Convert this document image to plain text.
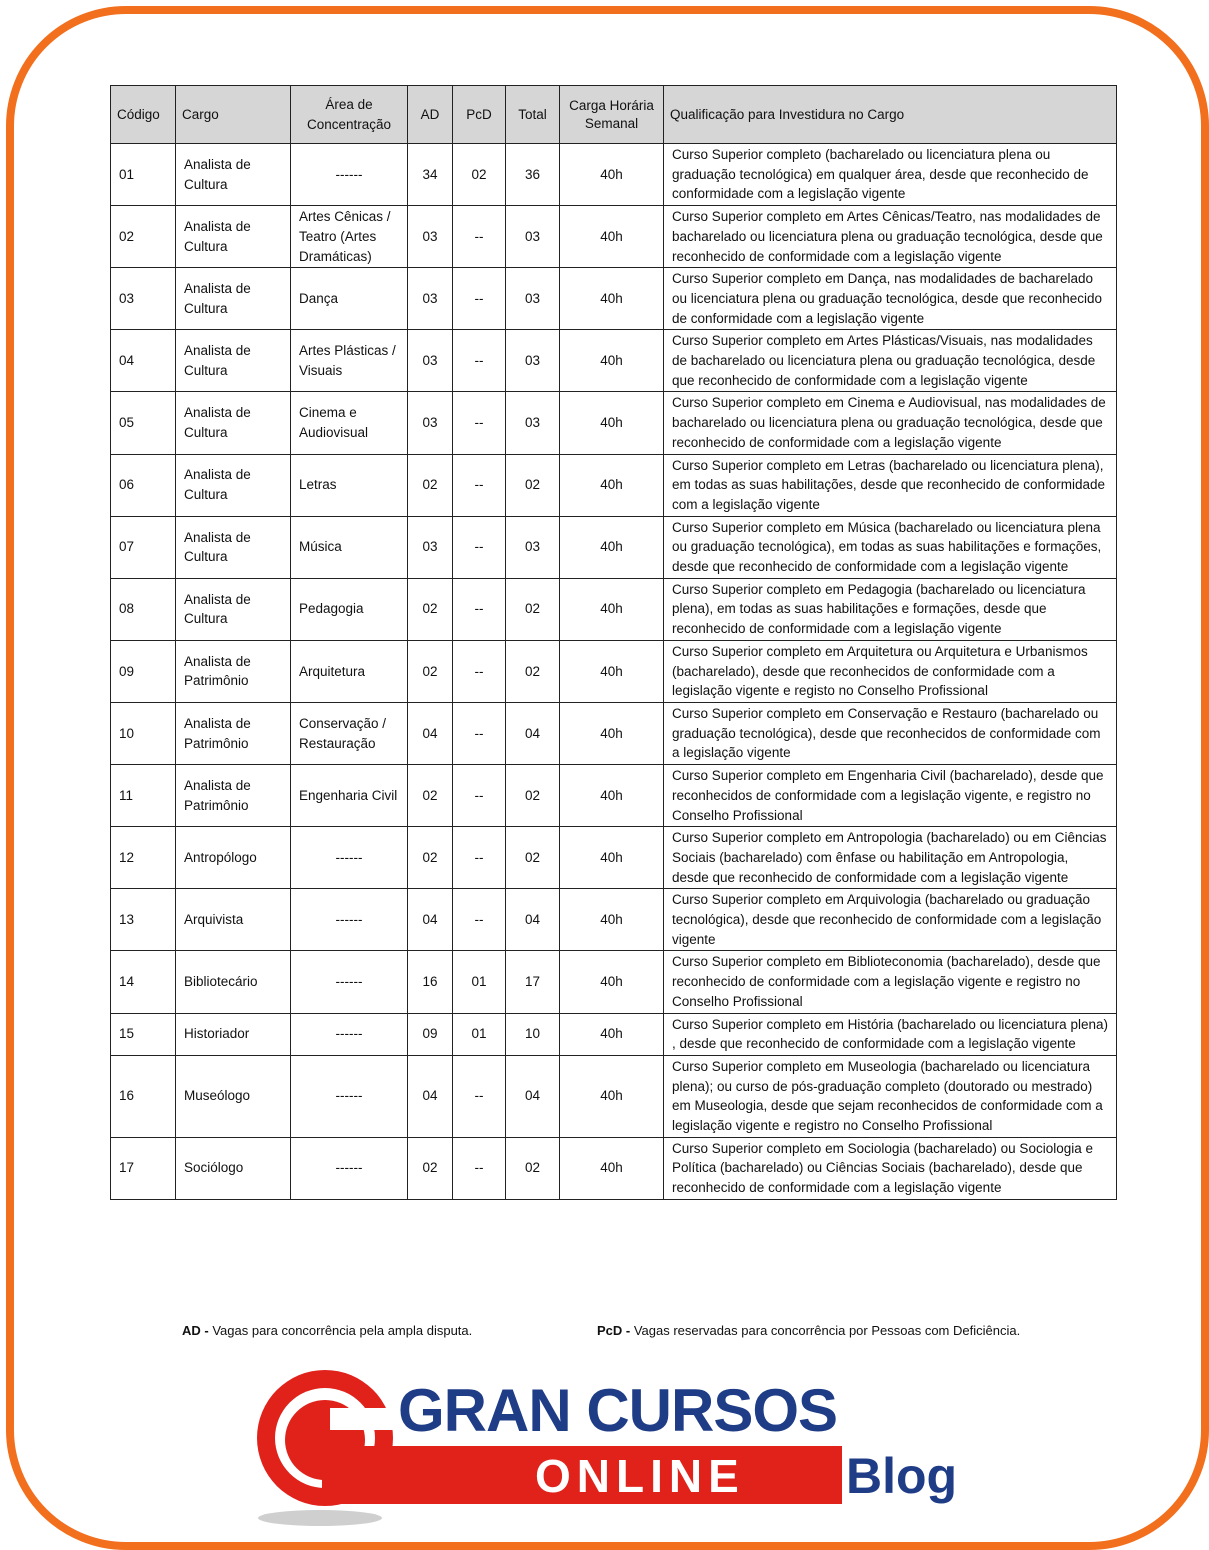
Código	Cargo	Área de Concentração	AD	PcD	Total	Carga Horária Semanal	Qualificação para Investidura no Cargo
01	Analista de Cultura	------	34	02	36	40h	Curso Superior completo (bacharelado ou licenciatura plena ou graduação tecnológica) em qualquer área, desde que reconhecido de conformidade com a legislação vigente
02	Analista de Cultura	Artes Cênicas / Teatro (Artes Dramáticas)	03	--	03	40h	Curso Superior completo em Artes Cênicas/Teatro, nas modalidades de bacharelado ou licenciatura plena ou graduação tecnológica, desde que reconhecido de conformidade com a legislação vigente
03	Analista de Cultura	Dança	03	--	03	40h	Curso Superior completo em Dança, nas modalidades de bacharelado ou licenciatura plena ou graduação tecnológica, desde que reconhecido de conformidade com a legislação vigente
04	Analista de Cultura	Artes Plásticas / Visuais	03	--	03	40h	Curso Superior completo em Artes Plásticas/Visuais, nas modalidades de bacharelado ou licenciatura plena ou graduação tecnológica, desde que reconhecido de conformidade com a legislação vigente
05	Analista de Cultura	Cinema e Audiovisual	03	--	03	40h	Curso Superior completo em Cinema e Audiovisual, nas modalidades de bacharelado ou licenciatura plena ou graduação tecnológica, desde que reconhecido de conformidade com a legislação vigente
06	Analista de Cultura	Letras	02	--	02	40h	Curso Superior completo em Letras (bacharelado ou licenciatura plena), em todas as suas habilitações, desde que reconhecido de conformidade com a legislação vigente
07	Analista de Cultura	Música	03	--	03	40h	Curso Superior completo em Música (bacharelado ou licenciatura plena ou graduação tecnológica), em todas as suas habilitações e formações, desde que reconhecido de conformidade com a legislação vigente
08	Analista de Cultura	Pedagogia	02	--	02	40h	Curso Superior completo em Pedagogia (bacharelado ou licenciatura plena), em todas as suas habilitações e formações, desde que reconhecido de conformidade com a legislação vigente
09	Analista de Patrimônio	Arquitetura	02	--	02	40h	Curso Superior completo em Arquitetura ou Arquitetura e Urbanismos (bacharelado), desde que reconhecidos de conformidade com a legislação vigente e registo no Conselho Profissional
10	Analista de Patrimônio	Conservação / Restauração	04	--	04	40h	Curso Superior completo em Conservação e Restauro (bacharelado ou graduação tecnológica), desde que reconhecidos de conformidade com a legislação vigente
11	Analista de Patrimônio	Engenharia Civil	02	--	02	40h	Curso Superior completo em Engenharia Civil (bacharelado), desde que reconhecidos de conformidade com a legislação vigente, e registro no Conselho Profissional
12	Antropólogo	------	02	--	02	40h	Curso Superior completo em Antropologia (bacharelado) ou em Ciências Sociais (bacharelado) com ênfase ou habilitação em Antropologia, desde que reconhecido de conformidade com a legislação vigente
13	Arquivista	------	04	--	04	40h	Curso Superior completo em Arquivologia (bacharelado ou graduação tecnológica), desde que reconhecido de conformidade com a legislação vigente
14	Bibliotecário	------	16	01	17	40h	Curso Superior completo em Biblioteconomia (bacharelado), desde que reconhecido de conformidade com a legislação vigente e registro no Conselho Profissional
15	Historiador	------	09	01	10	40h	Curso Superior completo em História (bacharelado ou licenciatura plena) , desde que reconhecido de conformidade com a legislação vigente
16	Museólogo	------	04	--	04	40h	Curso Superior completo em Museologia (bacharelado ou licenciatura plena); ou curso de pós-graduação completo (doutorado ou mestrado) em Museologia, desde que sejam reconhecidos de conformidade com a legislação vigente e registro no Conselho Profissional
17	Sociólogo	------	02	--	02	40h	Curso Superior completo em Sociologia (bacharelado) ou Sociologia e Política (bacharelado) ou Ciências Sociais (bacharelado), desde que reconhecido de conformidade com a legislação vigente
AD - Vagas para concorrência pela ampla disputa.	PcD - Vagas reservadas para concorrência por Pessoas com Deficiência.
GRAN CURSOS
ONLINE Blog
